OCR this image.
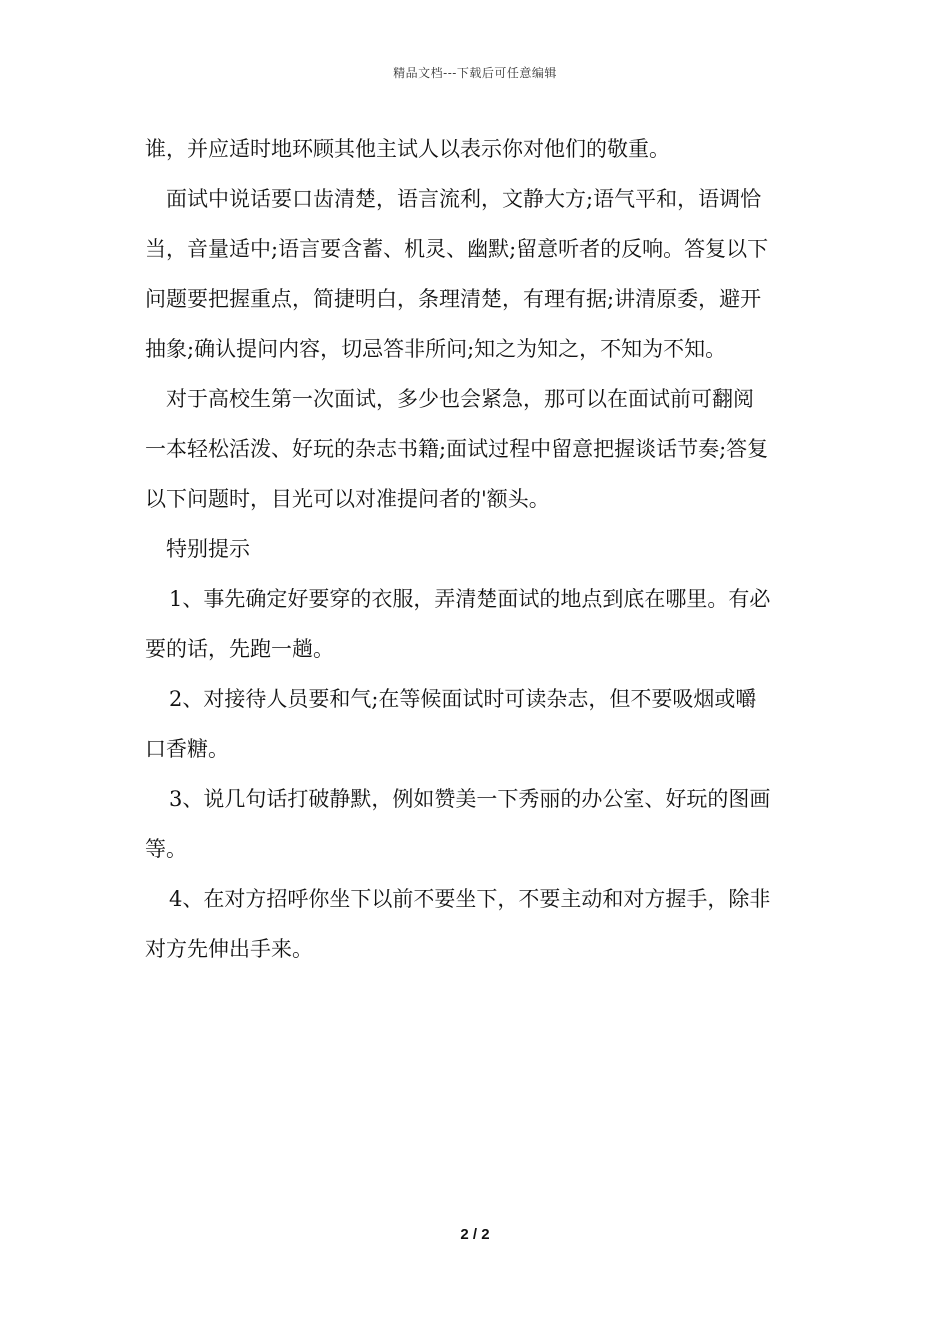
精品文档---下载后可任意编辑
谁，并应适时地环顾其他主试人以表示你对他们的敬重。
面试中说话要口齿清楚，语言流利，文静大方;语气平和，语调恰
当，音量适中;语言要含蓄、机灵、幽默;留意听者的反响。答复以下
问题要把握重点，简捷明白，条理清楚，有理有据;讲清原委，避开
抽象;确认提问内容，切忌答非所问;知之为知之，不知为不知。
对于高校生第一次面试，多少也会紧急，那可以在面试前可翻阅
一本轻松活泼、好玩的杂志书籍;面试过程中留意把握谈话节奏;答复
以下问题时，目光可以对准提问者的'额头。
特别提示
1、事先确定好要穿的衣服，弄清楚面试的地点到底在哪里。有必
要的话，先跑一趟。
2、对接待人员要和气;在等候面试时可读杂志，但不要吸烟或嚼
口香糖。
3、说几句话打破静默，例如赞美一下秀丽的办公室、好玩的图画
等。
4、在对方招呼你坐下以前不要坐下，不要主动和对方握手，除非
对方先伸出手来。
2 / 2
